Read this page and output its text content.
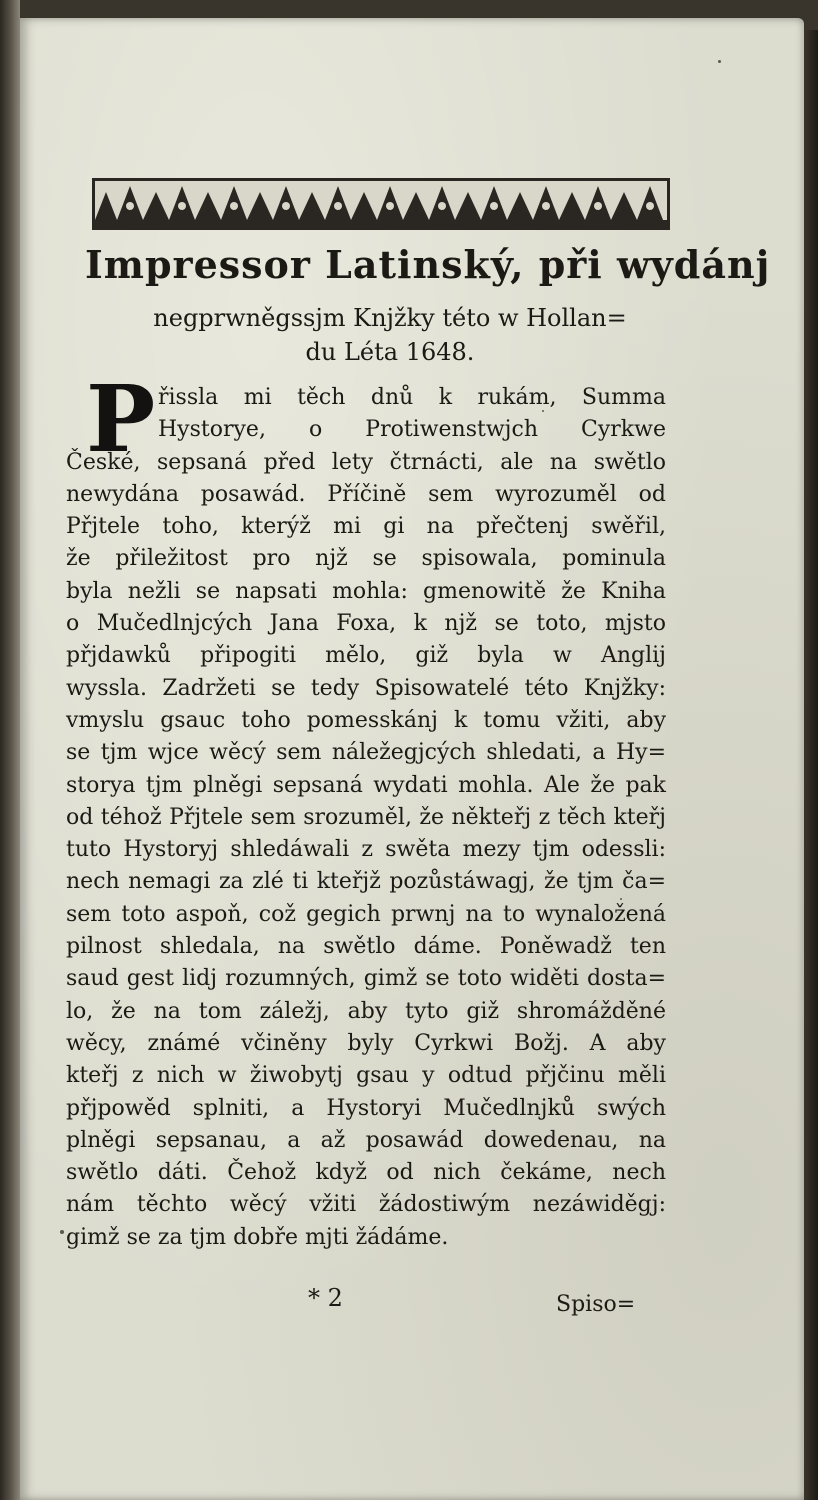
Impressor Latinský, při wydánj

negprwněgssjm Knjžky této w Hollan=

du Léta 1648.

P řissla mi těch dnů k rukám, Summa
Hystorye, o Protiwenstwjch Cyrkwe
České, sepsaná před lety čtrnácti, ale na swětlo
newydána posawád. Příčině sem wyrozuměl od
Přjtele toho, kterýž mi gi na přečtenj swěřil,
že přiležitost pro njž se spisowala, pominula
byla nežli se napsati mohla: gmenowitě že Kniha
o Mučedlnjcých Jana Foxa, k njž se toto, mjsto
přjdawků připogiti mělo, giž byla w Anglij
wyssla. Zadržeti se tedy Spisowatelé této Knjžky:
vmyslu gsauc toho pomesskánj k tomu vžiti, aby
se tjm wjce wěcý sem náležegjcých shledati, a Hy=
storya tjm plněgi sepsaná wydati mohla. Ale že pak
od téhož Přjtele sem srozuměl, že někteřj z těch kteřj
tuto Hystoryj shledáwali z swěta mezy tjm odessli:
nech nemagi za zlé ti kteřjž pozůstáwagj, že tjm ča=
sem toto aspoň, což gegich prwnj na to wynaložená
pilnost shledala, na swětlo dáme. Poněwadž ten
saud gest lidj rozumných, gimž se toto widěti dosta=
lo, že na tom záležj, aby tyto giž shromážděné
wěcy, známé včiněny byly Cyrkwi Božj. A aby
kteřj z nich w žiwobytj gsau y odtud přjčinu měli
přjpowěd splniti, a Hystoryi Mučedlnjků swých
plněgi sepsanau, a až posawád dowedenau, na
swětlo dáti. Čehož když od nich čekáme, nech
nám těchto wěcý vžiti žádostiwým nezáwiděgj:
gimž se za tjm dobře mjti žádáme.
* 2	Spiso=
